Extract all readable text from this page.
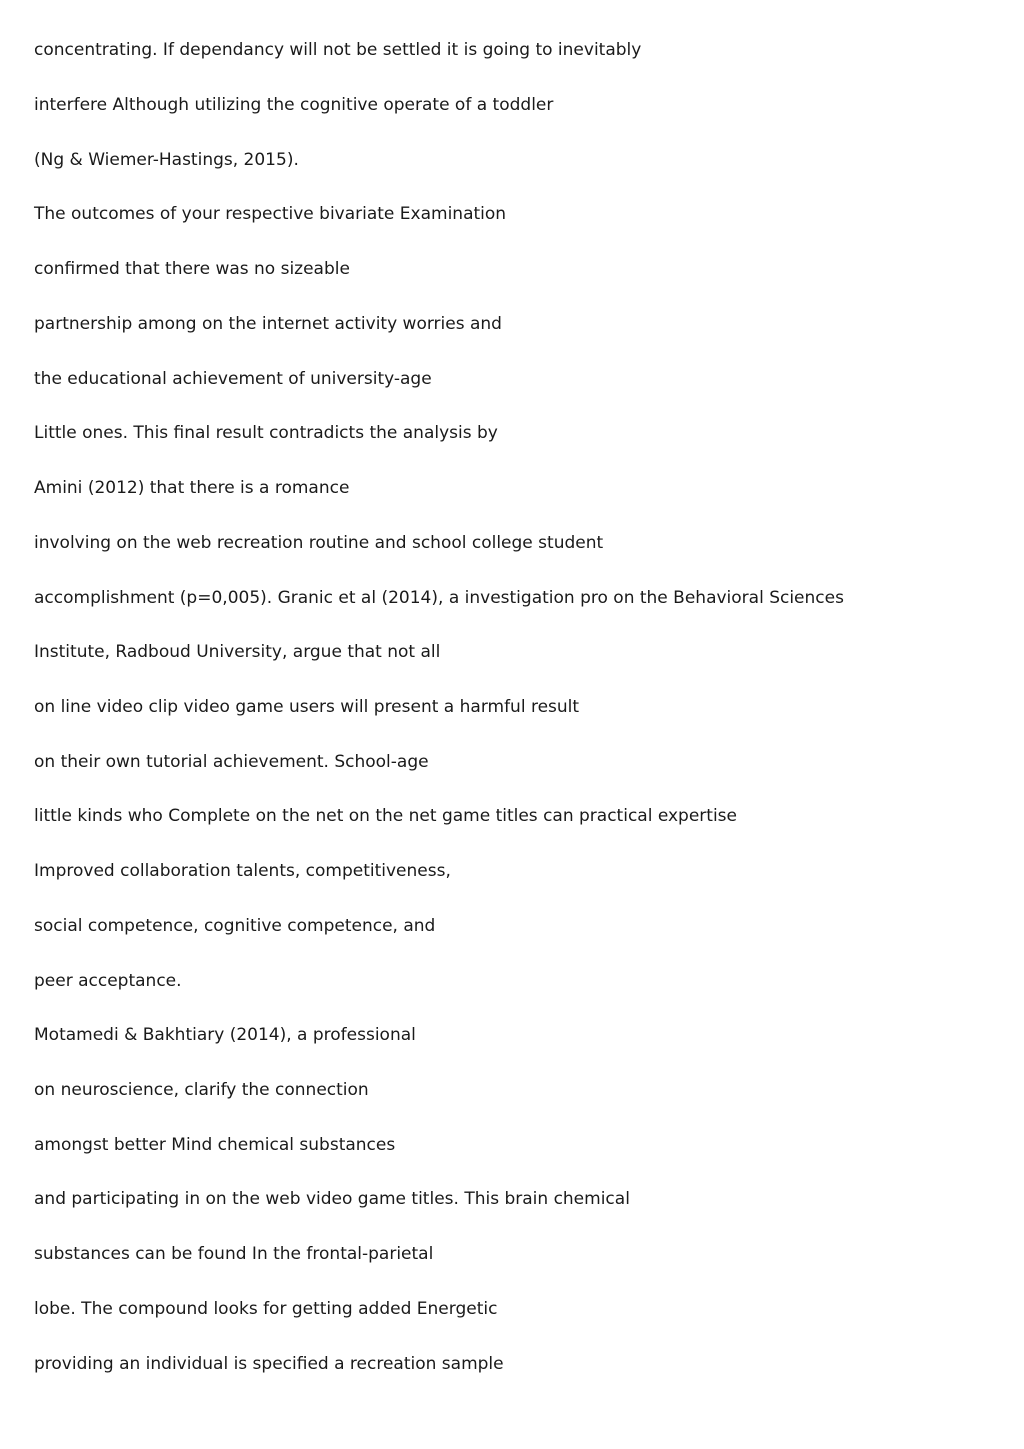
concentrating. If dependancy will not be settled it is going to inevitably

interfere Although utilizing the cognitive operate of a toddler

(Ng & Wiemer-Hastings, 2015).

The outcomes of your respective bivariate Examination

confirmed that there was no sizeable

partnership among on the internet activity worries and

the educational achievement of university-age

Little ones. This final result contradicts the analysis by

Amini (2012) that there is a romance

involving on the web recreation routine and school college student

accomplishment (p=0,005). Granic et al (2014), a investigation pro on the Behavioral Sciences

Institute, Radboud University, argue that not all

on line video clip video game users will present a harmful result

on their own tutorial achievement. School-age

little kinds who Complete on the net on the net game titles can practical expertise

Improved collaboration talents, competitiveness,

social competence, cognitive competence, and

peer acceptance.

Motamedi & Bakhtiary (2014), a professional

on neuroscience, clarify the connection

amongst better Mind chemical substances

and participating in on the web video game titles. This brain chemical

substances can be found In the frontal-parietal

lobe. The compound looks for getting added Energetic

providing an individual is specified a recreation sample
